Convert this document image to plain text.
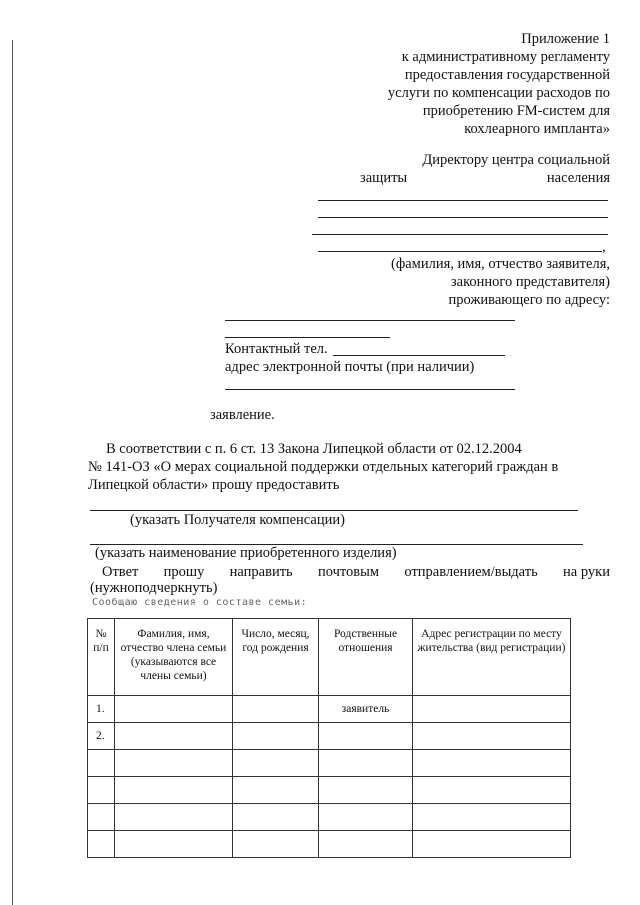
Приложение 1
к административному регламенту
предоставления государственной
услуги по компенсации расходов по
приобретению FM-систем для
кохлеарного импланта»
Директору центра социальной
защиты	населения
,
(фамилия, имя, отчество заявителя,
законного представителя)
проживающего по адресу:
Контактный тел.
адрес электронной почты (при наличии)
заявление.
В соответствии с п. 6 ст. 13 Закона Липецкой области от 02.12.2004
№ 141-ОЗ «О мерах социальной поддержки отдельных категорий граждан в
Липецкой области» прошу предоставить
(указать Получателя компенсации)
(указать наименование приобретенного изделия)
Ответ прошу направить почтовым отправлением/выдать на руки
(нужноподчеркнуть)
Сообщаю сведения о составе семьи:
№ п/п	Фамилия, имя, отчество члена семьи (указываются все члены семьи)	Число, месяц, год рождения	Родственные отношения	Адрес регистрации по месту жительства (вид регистрации)
1.			заявитель	
2.				
